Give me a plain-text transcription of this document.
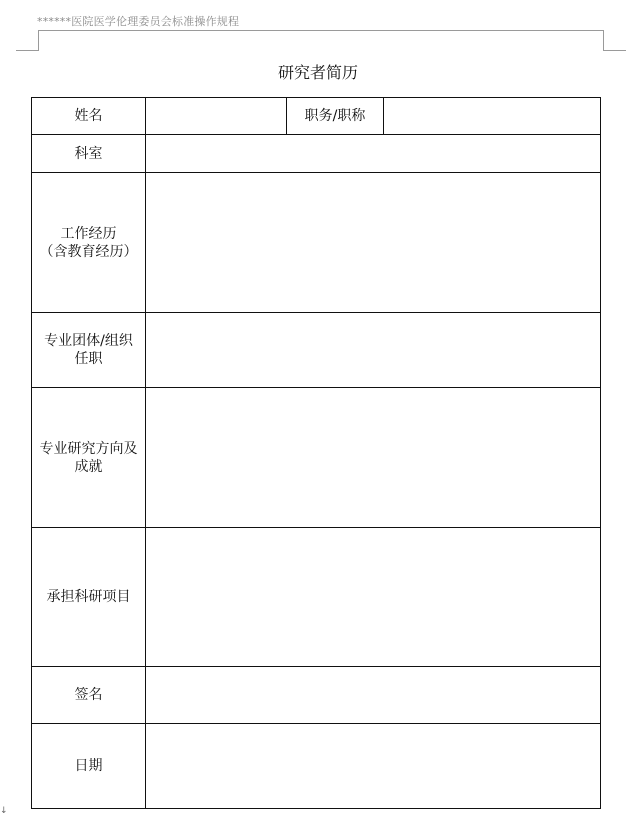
******医院医学伦理委员会标准操作规程
研究者简历
姓名		职务/职称	
科室			
工作经历
（含教育经历）			
专业团体/组织
任职			
专业研究方向及
成就			
承担科研项目			
签名			
日期			
↓
